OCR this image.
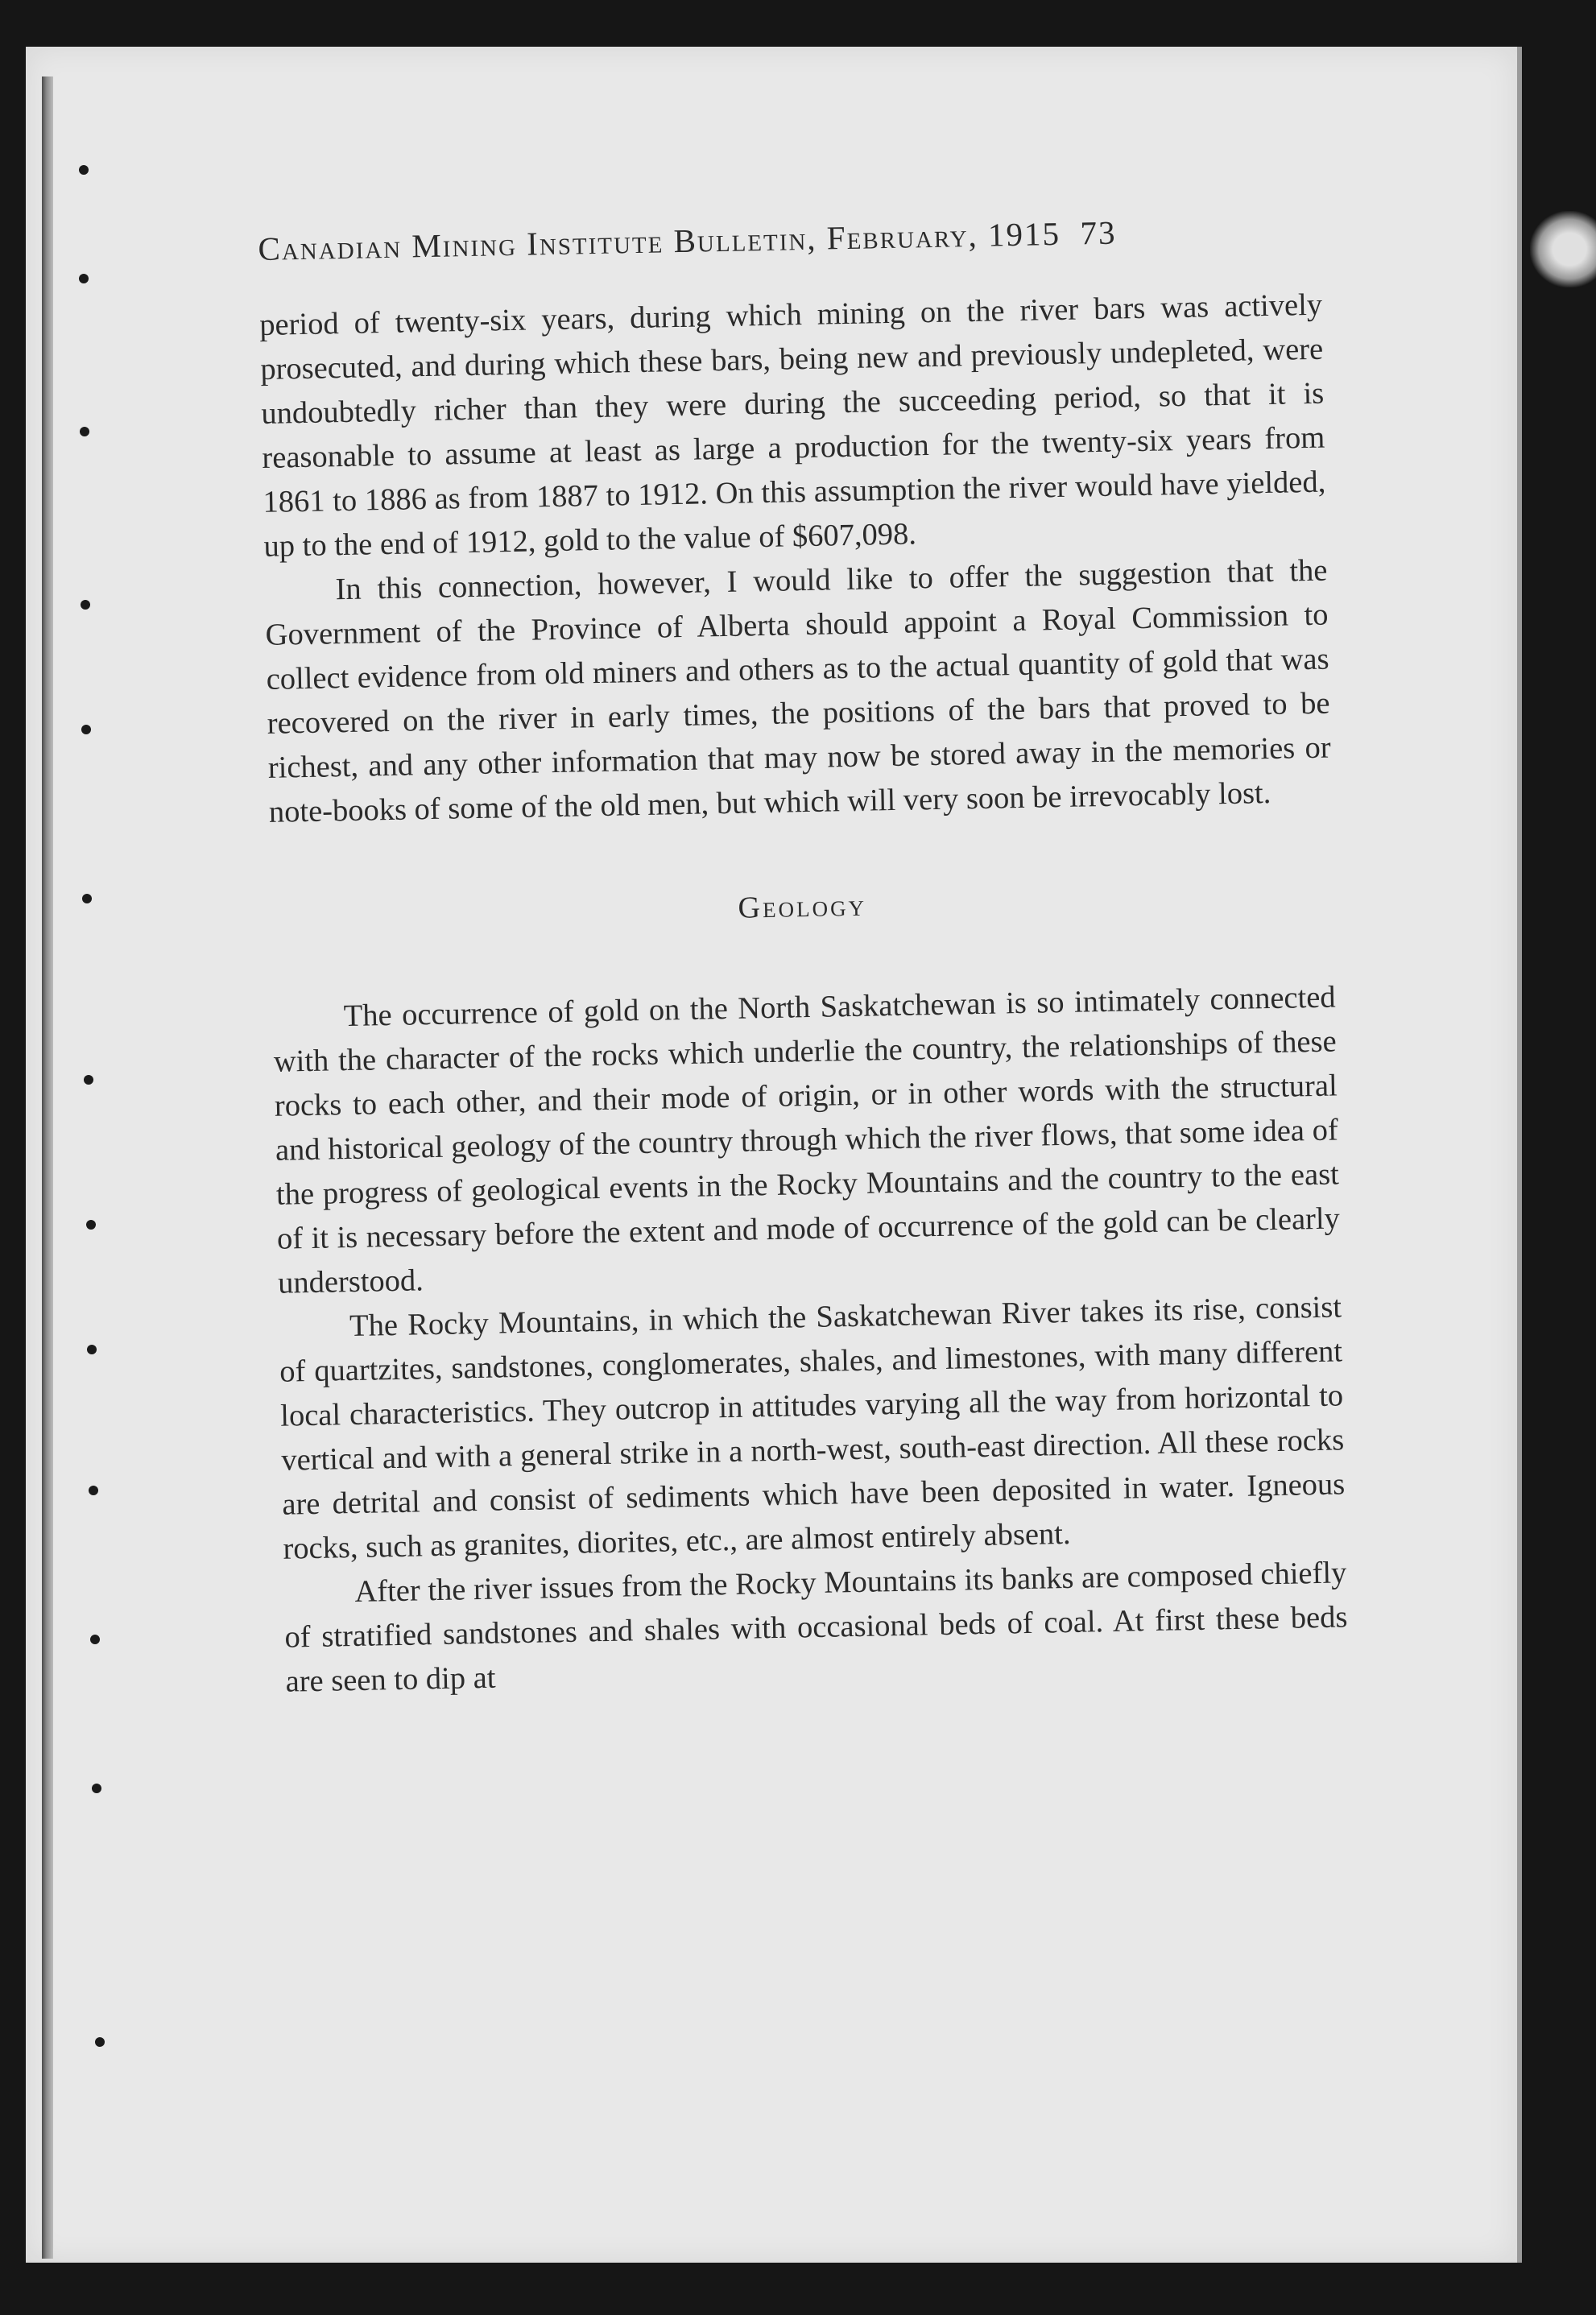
Canadian Mining Institute Bulletin, February, 1915 73

period of twenty-six years, during which mining on the river bars was actively prosecuted, and during which these bars, being new and previously undepleted, were undoubtedly richer than they were during the succeeding period, so that it is reasonable to assume at least as large a production for the twenty-six years from 1861 to 1886 as from 1887 to 1912. On this assumption the river would have yielded, up to the end of 1912, gold to the value of $607,098.

In this connection, however, I would like to offer the suggestion that the Government of the Province of Alberta should appoint a Royal Commission to collect evidence from old miners and others as to the actual quantity of gold that was recovered on the river in early times, the positions of the bars that proved to be richest, and any other information that may now be stored away in the memories or note-books of some of the old men, but which will very soon be irrevocably lost.

Geology

The occurrence of gold on the North Saskatchewan is so intimately connected with the character of the rocks which underlie the country, the relationships of these rocks to each other, and their mode of origin, or in other words with the structural and historical geology of the country through which the river flows, that some idea of the progress of geological events in the Rocky Mountains and the country to the east of it is necessary before the extent and mode of occurrence of the gold can be clearly understood.

The Rocky Mountains, in which the Saskatchewan River takes its rise, consist of quartzites, sandstones, conglomerates, shales, and limestones, with many different local characteristics. They outcrop in attitudes varying all the way from horizontal to vertical and with a general strike in a north-west, south-east direction. All these rocks are detrital and consist of sediments which have been deposited in water. Igneous rocks, such as granites, diorites, etc., are almost entirely absent.

After the river issues from the Rocky Mountains its banks are composed chiefly of stratified sandstones and shales with occasional beds of coal. At first these beds are seen to dip at
